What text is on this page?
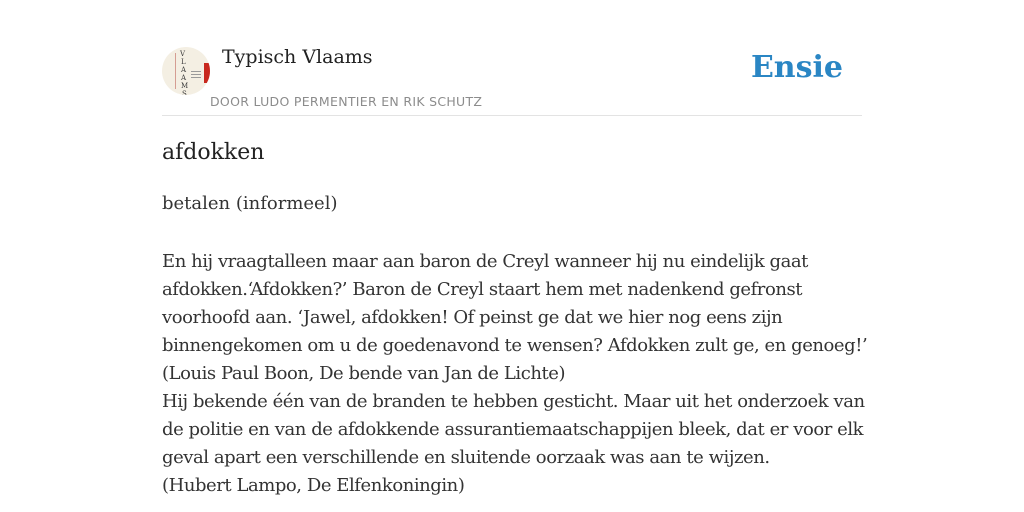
V
L
A
A
M
S
Typisch Vlaams
DOOR LUDO PERMENTIER EN RIK SCHUTZ
Ensie
afdokken
betalen (informeel)
En hij vraagtalleen maar aan baron de Creyl wanneer hij nu eindelijk gaat
afdokken.‘Afdokken?’ Baron de Creyl staart hem met nadenkend gefronst
voorhoofd aan. ‘Jawel, afdokken! Of peinst ge dat we hier nog eens zijn
binnengekomen om u de goedenavond te wensen? Afdokken zult ge, en genoeg!’
(Louis Paul Boon, De bende van Jan de Lichte)
Hij bekende één van de branden te hebben gesticht. Maar uit het onderzoek van
de politie en van de afdokkende assurantiemaatschappijen bleek, dat er voor elk
geval apart een verschillende en sluitende oorzaak was aan te wijzen.
(Hubert Lampo, De Elfenkoningin)
